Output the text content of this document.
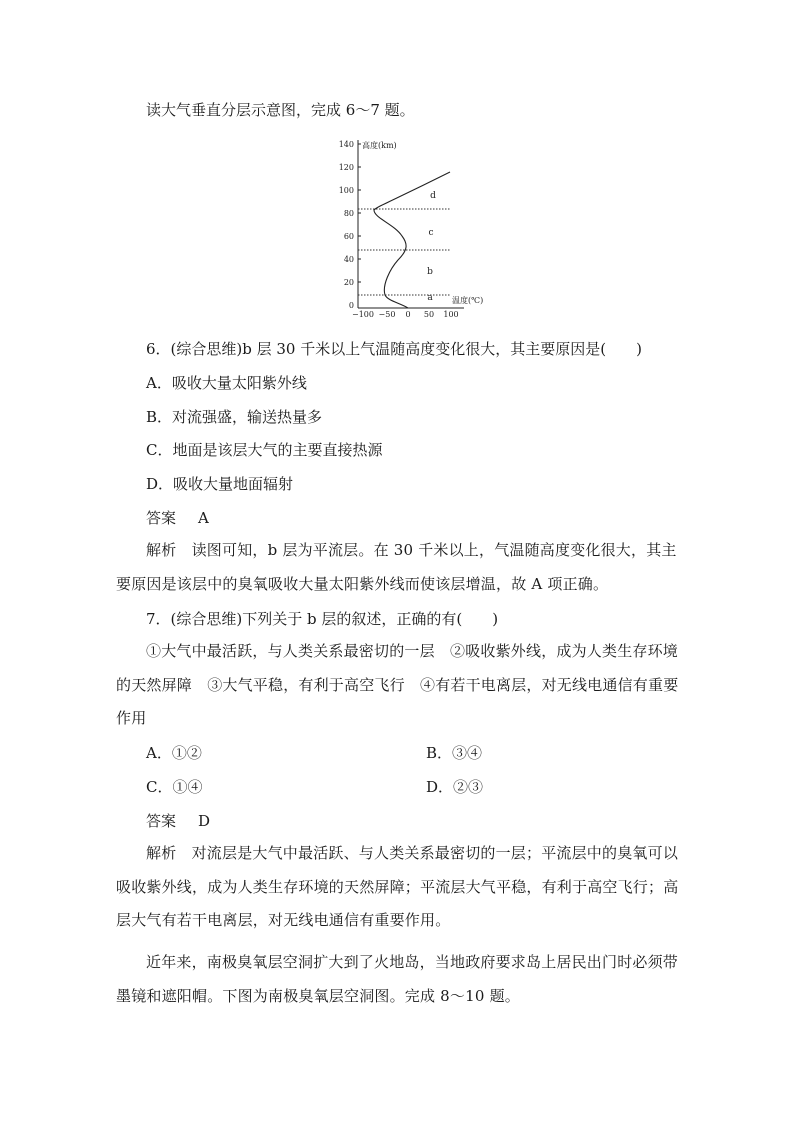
读大气垂直分层示意图，完成 6～7 题。
高度(km)
140
120
100
80
60
40
20
0
−100 −50 0 50 100
温度(℃)
d
c
b
a
6．(综合思维)b 层 30 千米以上气温随高度变化很大，其主要原因是(　　)
A．吸收大量太阳紫外线
B．对流强盛，输送热量多
C．地面是该层大气的主要直接热源
D．吸收大量地面辐射
答案 A
解析　 读图可知，b 层为平流层。在 30 千米以上，气温随高度变化很大，其主要原因是该层中的臭氧吸收大量太阳紫外线而使该层增温，故 A 项正确。
7．(综合思维)下列关于 b 层的叙述，正确的有(　　)
①大气中最活跃，与人类关系最密切的一层　②吸收紫外线，成为人类生存环境的天然屏障　③大气平稳，有利于高空飞行　④有若干电离层，对无线电通信有重要作用
A．①②	B．③④
C．①④	D．②③
答案 D
解析　 对流层是大气中最活跃、与人类关系最密切的一层；平流层中的臭氧可以吸收紫外线，成为人类生存环境的天然屏障；平流层大气平稳，有利于高空飞行；高层大气有若干电离层，对无线电通信有重要作用。
近年来，南极臭氧层空洞扩大到了火地岛，当地政府要求岛上居民出门时必须带墨镜和遮阳帽。下图为南极臭氧层空洞图。完成 8～10 题。
